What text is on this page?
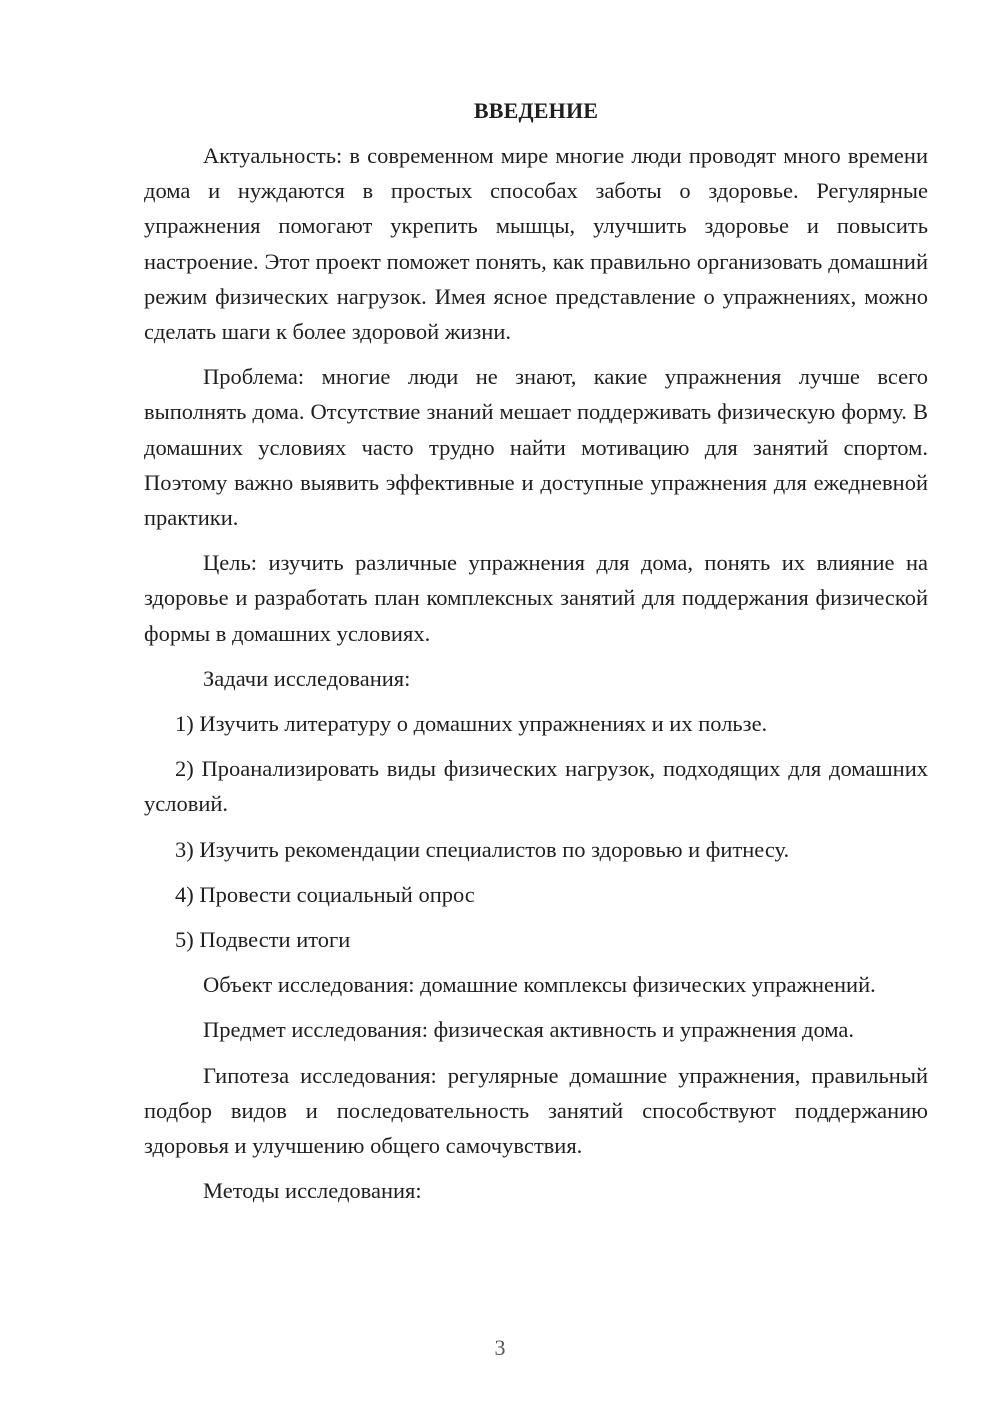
ВВЕДЕНИЕ

Актуальность: в современном мире многие люди проводят много времени дома и нуждаются в простых способах заботы о здоровье. Регулярные упражнения помогают укрепить мышцы, улучшить здоровье и повысить настроение. Этот проект поможет понять, как правильно организовать домашний режим физических нагрузок. Имея ясное представление о упражнениях, можно сделать шаги к более здоровой жизни.

Проблема: многие люди не знают, какие упражнения лучше всего выполнять дома. Отсутствие знаний мешает поддерживать физическую форму. В домашних условиях часто трудно найти мотивацию для занятий спортом. Поэтому важно выявить эффективные и доступные упражнения для ежедневной практики.

Цель: изучить различные упражнения для дома, понять их влияние на здоровье и разработать план комплексных занятий для поддержания физической формы в домашних условиях.

Задачи исследования:

1) Изучить литературу о домашних упражнениях и их пользе.

2) Проанализировать виды физических нагрузок, подходящих для домашних условий.

3) Изучить рекомендации специалистов по здоровью и фитнесу.

4) Провести социальный опрос

5) Подвести итоги

Объект исследования: домашние комплексы физических упражнений.

Предмет исследования: физическая активность и упражнения дома.

Гипотеза исследования: регулярные домашние упражнения, правильный подбор видов и последовательность занятий способствуют поддержанию здоровья и улучшению общего самочувствия.

Методы исследования:

3
